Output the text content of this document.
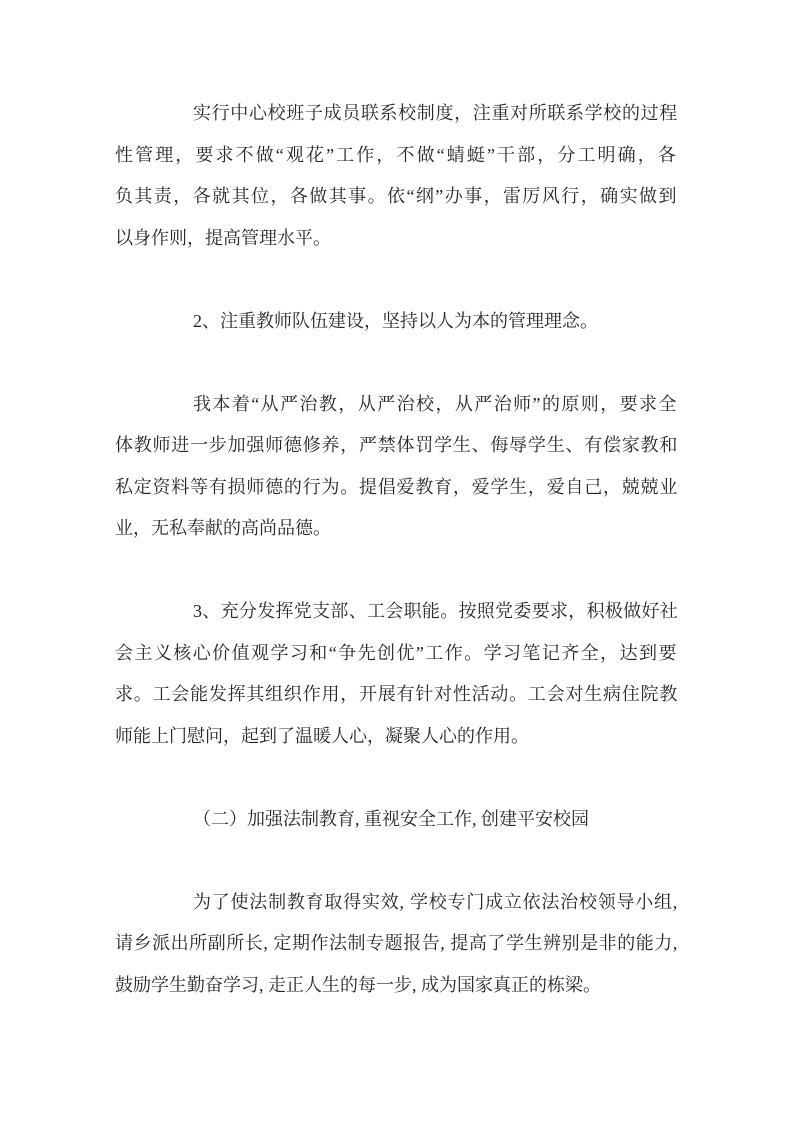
实行中心校班子成员联系校制度，注重对所联系学校的过程
性管理，要求不做“观花”工作，不做“蜻蜓”干部，分工明确，各
负其责，各就其位，各做其事。依“纲”办事，雷厉风行，确实做到
以身作则，提高管理水平。
2、注重教师队伍建设，坚持以人为本的管理理念。
我本着“从严治教，从严治校，从严治师”的原则，要求全
体教师进一步加强师德修养，严禁体罚学生、侮辱学生、有偿家教和
私定资料等有损师德的行为。提倡爱教育，爱学生，爱自己，兢兢业
业，无私奉献的高尚品德。
3、充分发挥党支部、工会职能。按照党委要求，积极做好社
会主义核心价值观学习和“争先创优”工作。学习笔记齐全，达到要
求。工会能发挥其组织作用，开展有针对性活动。工会对生病住院教
师能上门慰问，起到了温暖人心，凝聚人心的作用。
（二）加强法制教育, 重视安全工作, 创建平安校园
为了使法制教育取得实效, 学校专门成立依法治校领导小组,
请乡派出所副所长, 定期作法制专题报告, 提高了学生辨别是非的能力,
鼓励学生勤奋学习, 走正人生的每一步, 成为国家真正的栋梁。
